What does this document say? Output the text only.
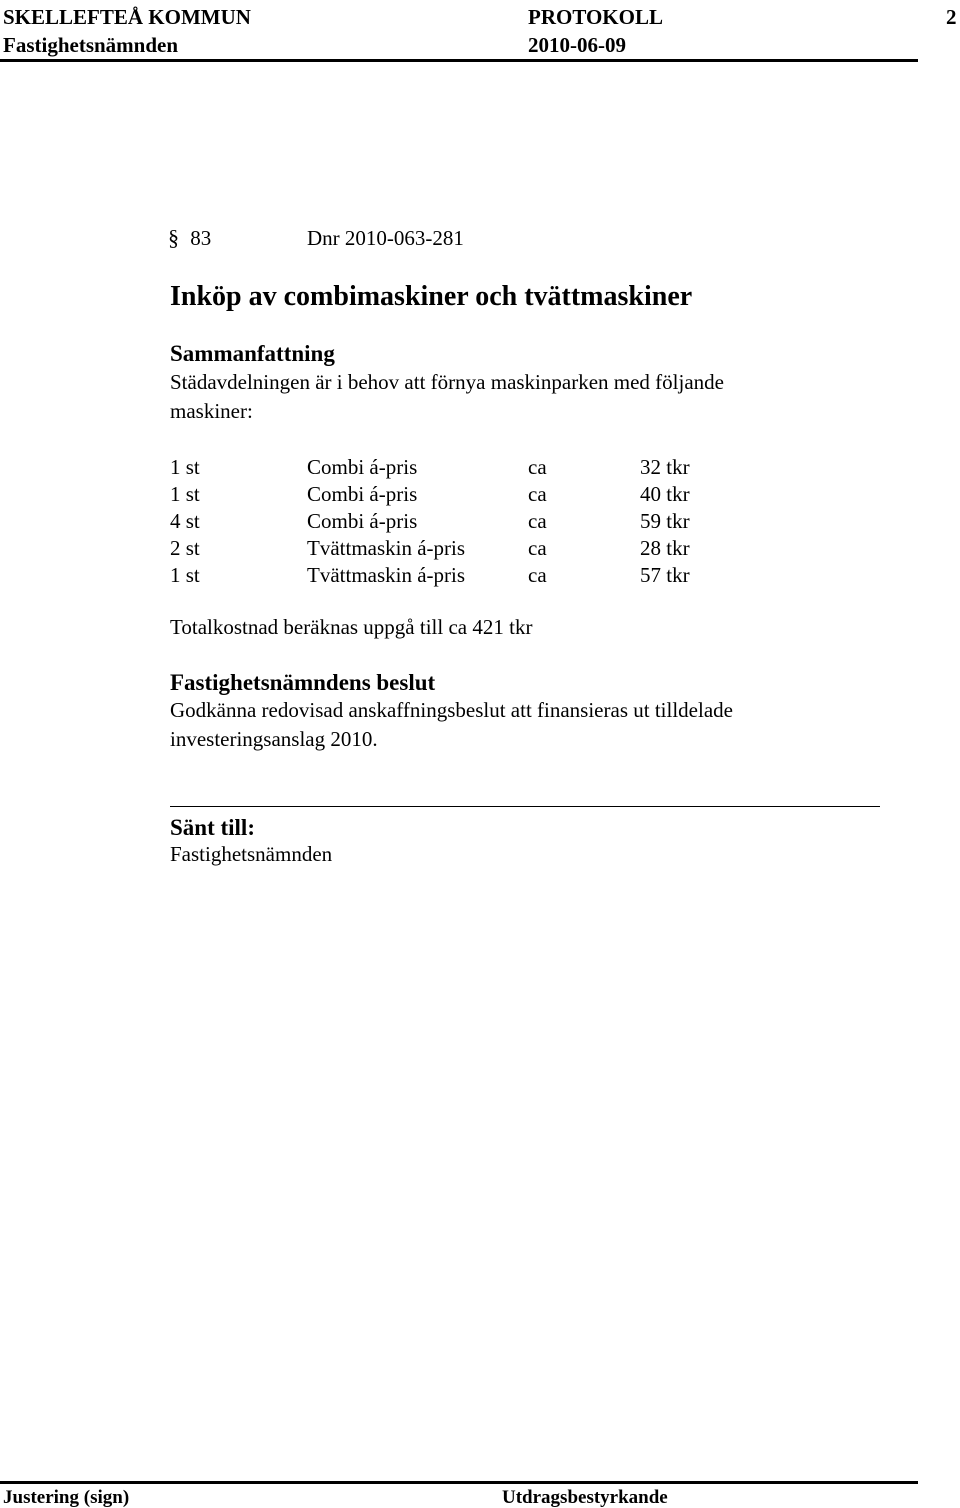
SKELLEFTEÅ KOMMUN	PROTOKOLL	2
Fastighetsnämnden	2010-06-09
§ 83	Dnr 2010-063-281
Inköp av combimaskiner och tvättmaskiner
Sammanfattning
Städavdelningen är i behov att förnya maskinparken med följande
maskiner:
1 st	Combi á-pris	ca	32 tkr
1 st	Combi á-pris	ca	40 tkr
4 st	Combi á-pris	ca	59 tkr
2 st	Tvättmaskin á-pris	ca	28 tkr
1 st	Tvättmaskin á-pris	ca	57 tkr
Totalkostnad beräknas uppgå till ca 421 tkr
Fastighetsnämndens beslut
Godkänna redovisad anskaffningsbeslut att finansieras ut tilldelade
investeringsanslag 2010.
Sänt till:
Fastighetsnämnden
Justering (sign)	Utdragsbestyrkande
